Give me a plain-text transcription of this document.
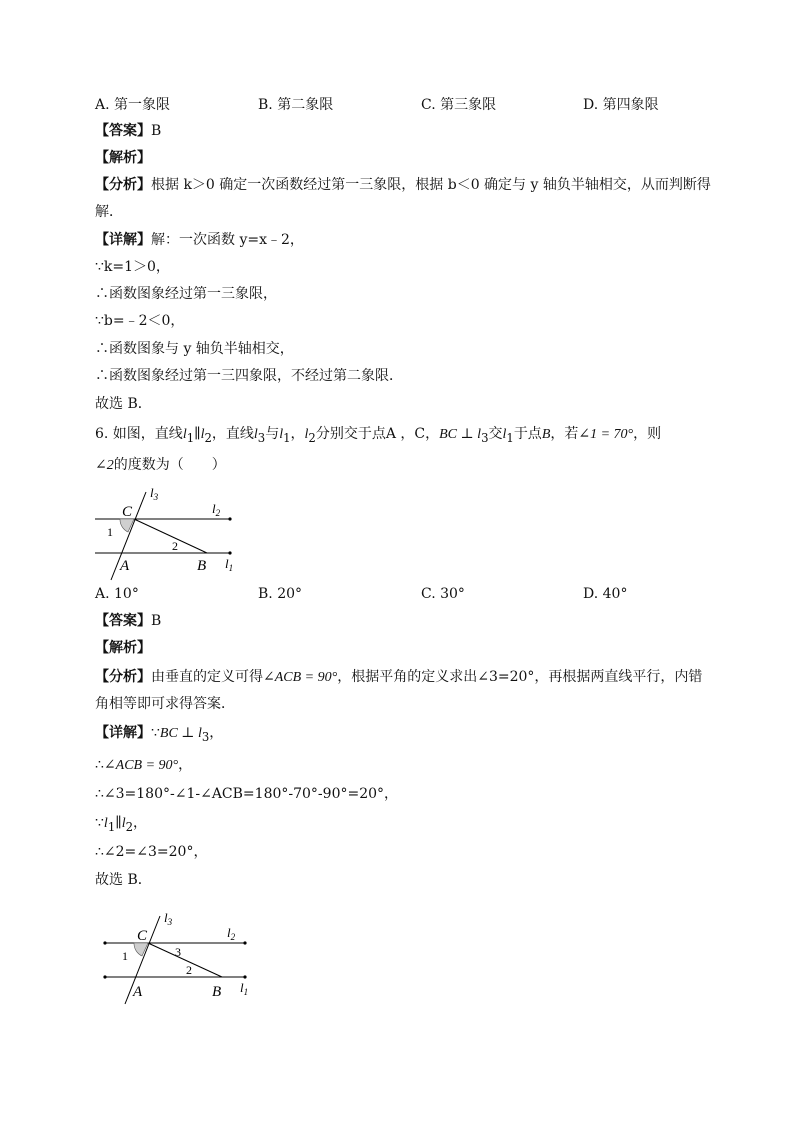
A. 第一象限	B. 第二象限	C. 第三象限	D. 第四象限
【答案】B
【解析】
【分析】根据 k＞0 确定一次函数经过第一三象限，根据 b＜0 确定与 y 轴负半轴相交，从而判断得
解．
【详解】解：一次函数 y=x﹣2，
∵k=1＞0，
∴函数图象经过第一三象限，
∵b=﹣2＜0，
∴函数图象与 y 轴负半轴相交，
∴函数图象经过第一三四象限，不经过第二象限．
故选 B．
6. 如图，直线$l_1\parallel l_2$，直线$l_3$与$l_1$，$l_2$分别交于点A ，C，BC ⊥ $l_3$交$l_1$于点B，若∠1 = 70°，则
∠2的度数为（　　）
C
A	B
$l_3$
$l_2$
$l_1$
1
2
A. 10°	B. 20°	C. 30°	D. 40°
【答案】B
【解析】
【分析】由垂直的定义可得∠ACB = 90°，根据平角的定义求出∠3=20°，再根据两直线平行，内错
角相等即可求得答案．
【详解】∵BC ⊥ $l_3$，
∴∠ACB = 90°，
∴∠3=180°-∠1-∠ACB=180°-70°-90°=20°，
$\because l_1\parallel l_2$，
∴∠2=∠3=20°，
故选 B．
C
A	B
$l_3$
$l_2$
$l_1$
1
2
3
